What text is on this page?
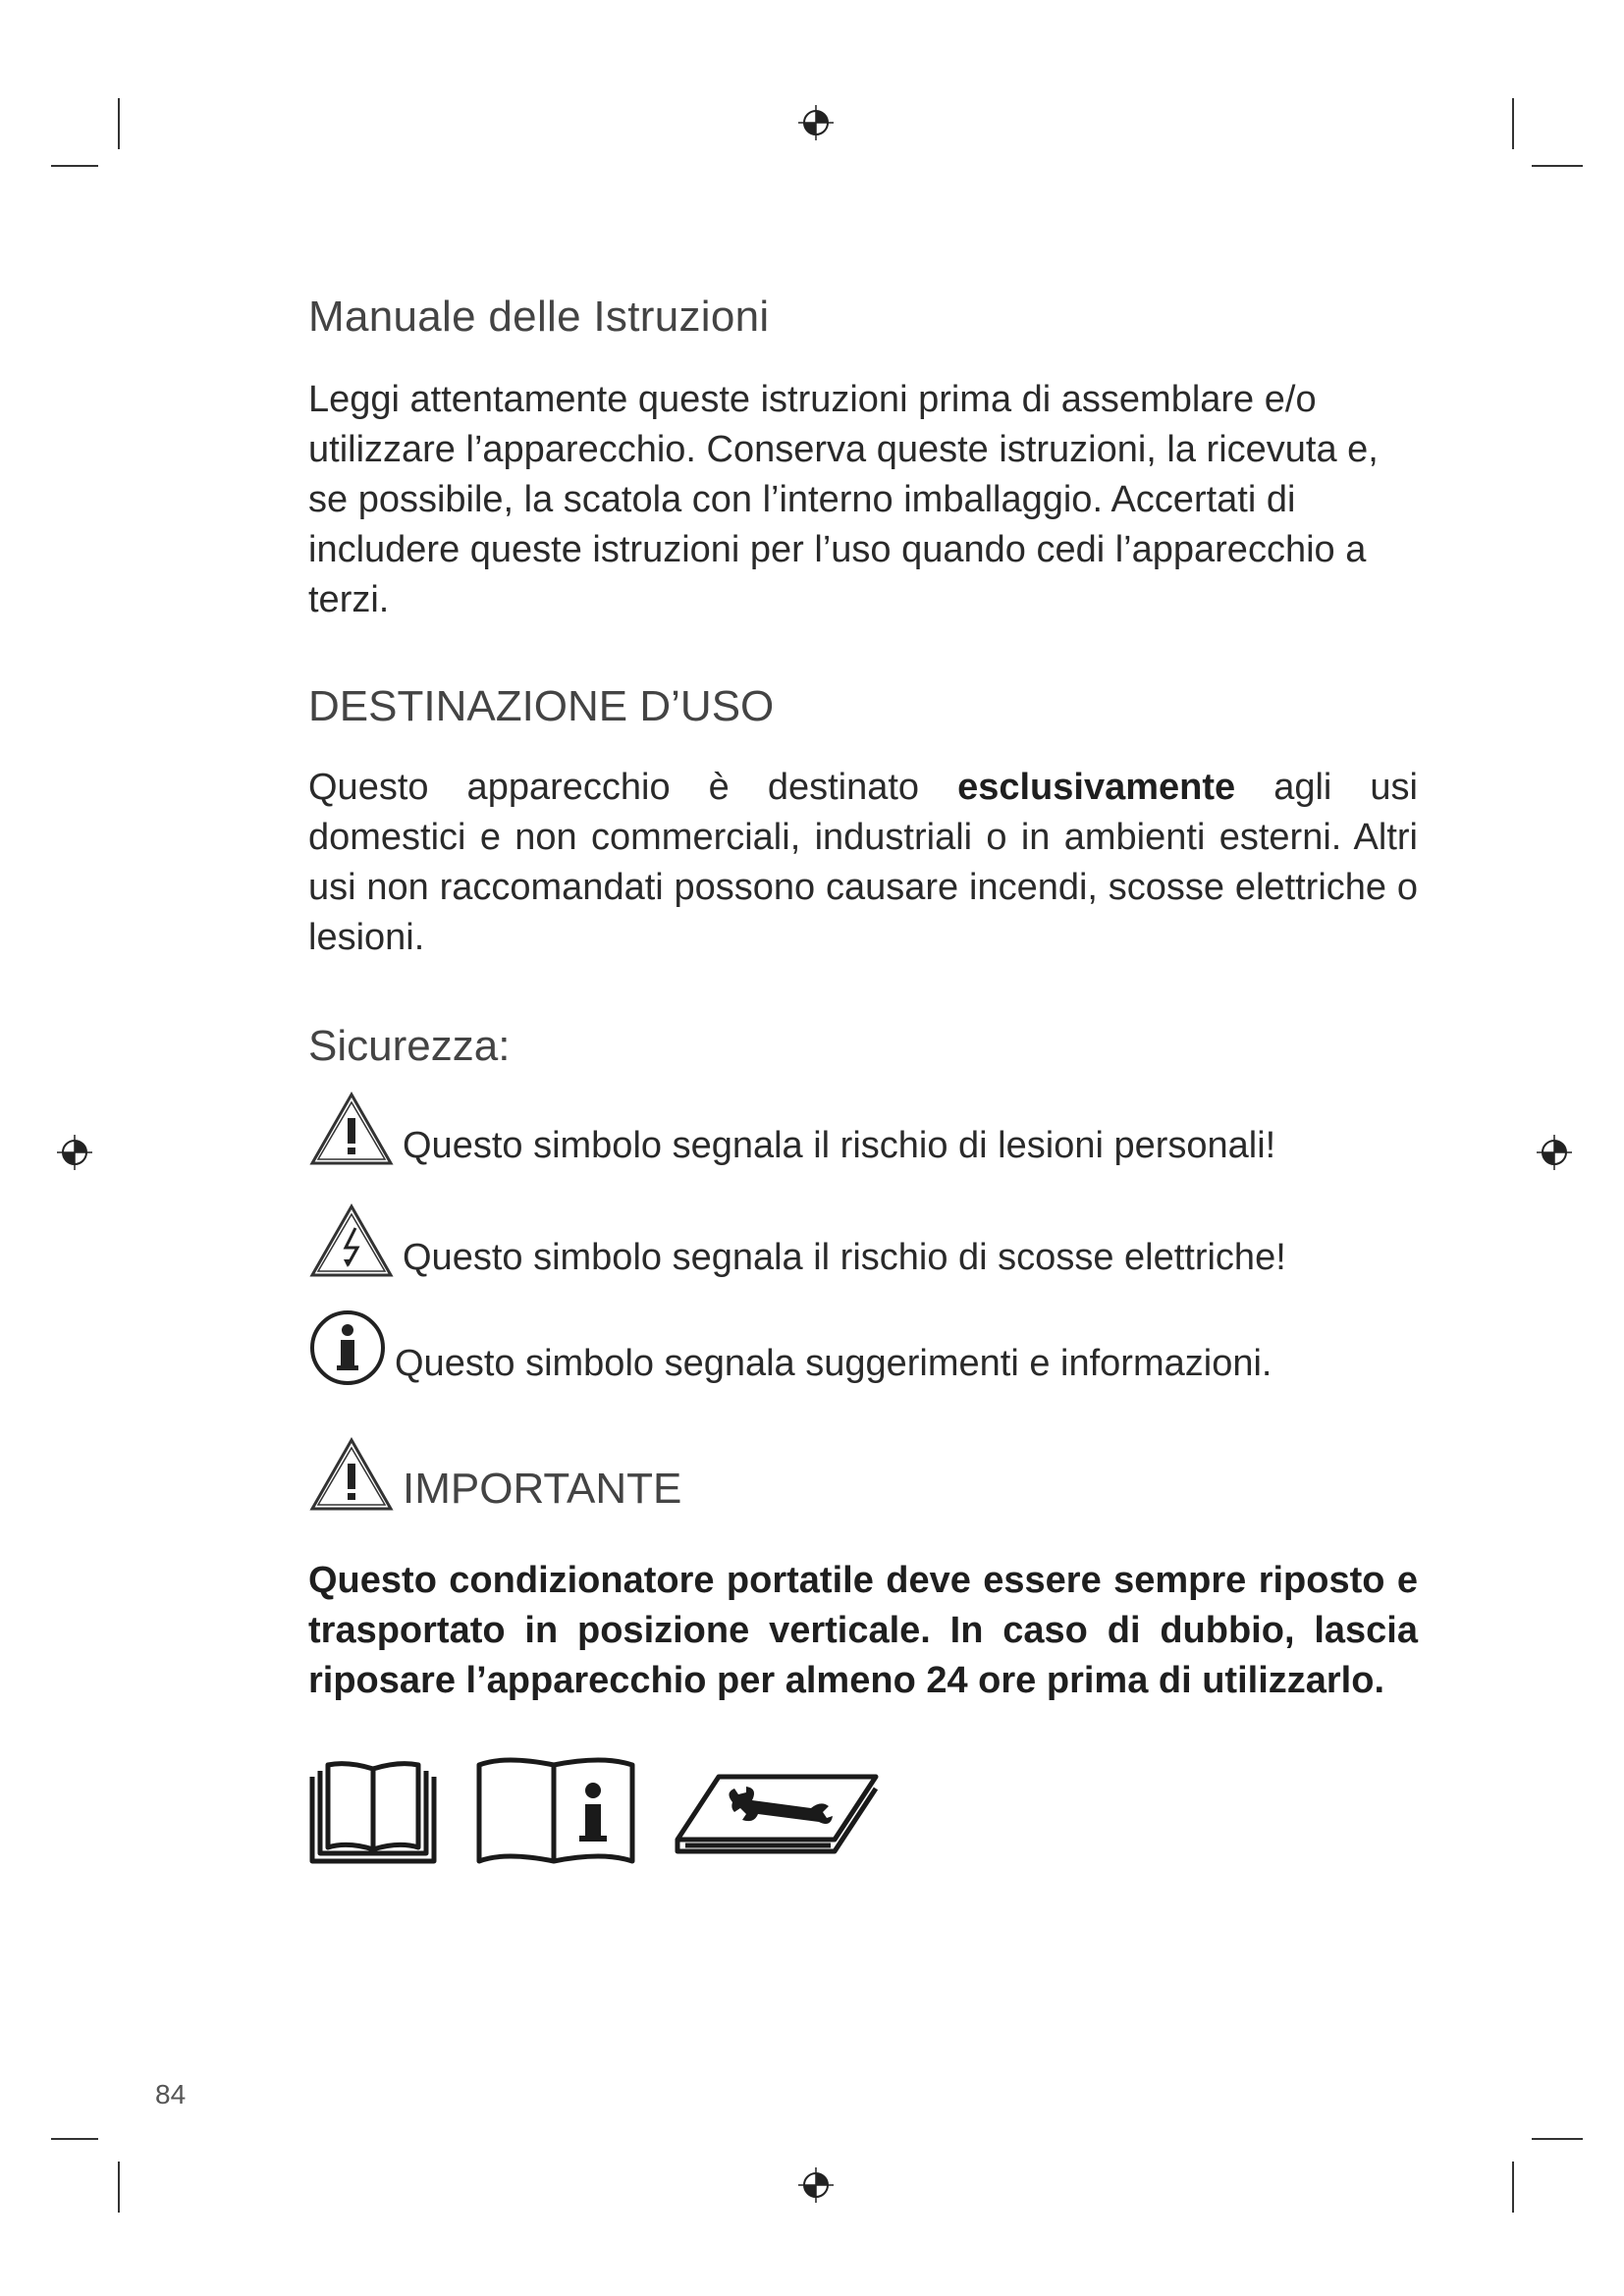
Manuale delle Istruzioni

Leggi attentamente queste istruzioni prima di assemblare e/o utilizzare l’apparecchio. Conserva queste istruzioni, la ricevuta e, se possibile, la scatola con l’interno imballaggio. Accertati di includere queste istruzioni per l’uso quando cedi l’apparecchio a terzi.

DESTINAZIONE D’USO

Questo apparecchio è destinato esclusivamente agli usi domestici e non commerciali, industriali o in ambienti esterni. Altri usi non raccomandati possono causare incendi, scosse elettriche o lesioni.

Sicurezza:
Questo simbolo segnala il rischio di lesioni personali!
Questo simbolo segnala il rischio di scosse elettriche!
Questo simbolo segnala suggerimenti e informazioni.
IMPORTANTE

Questo condizionatore portatile deve essere sempre riposto e trasportato in posizione verticale. In caso di dubbio, lascia riposare l’apparecchio per almeno 24 ore prima di utilizzarlo.

84
